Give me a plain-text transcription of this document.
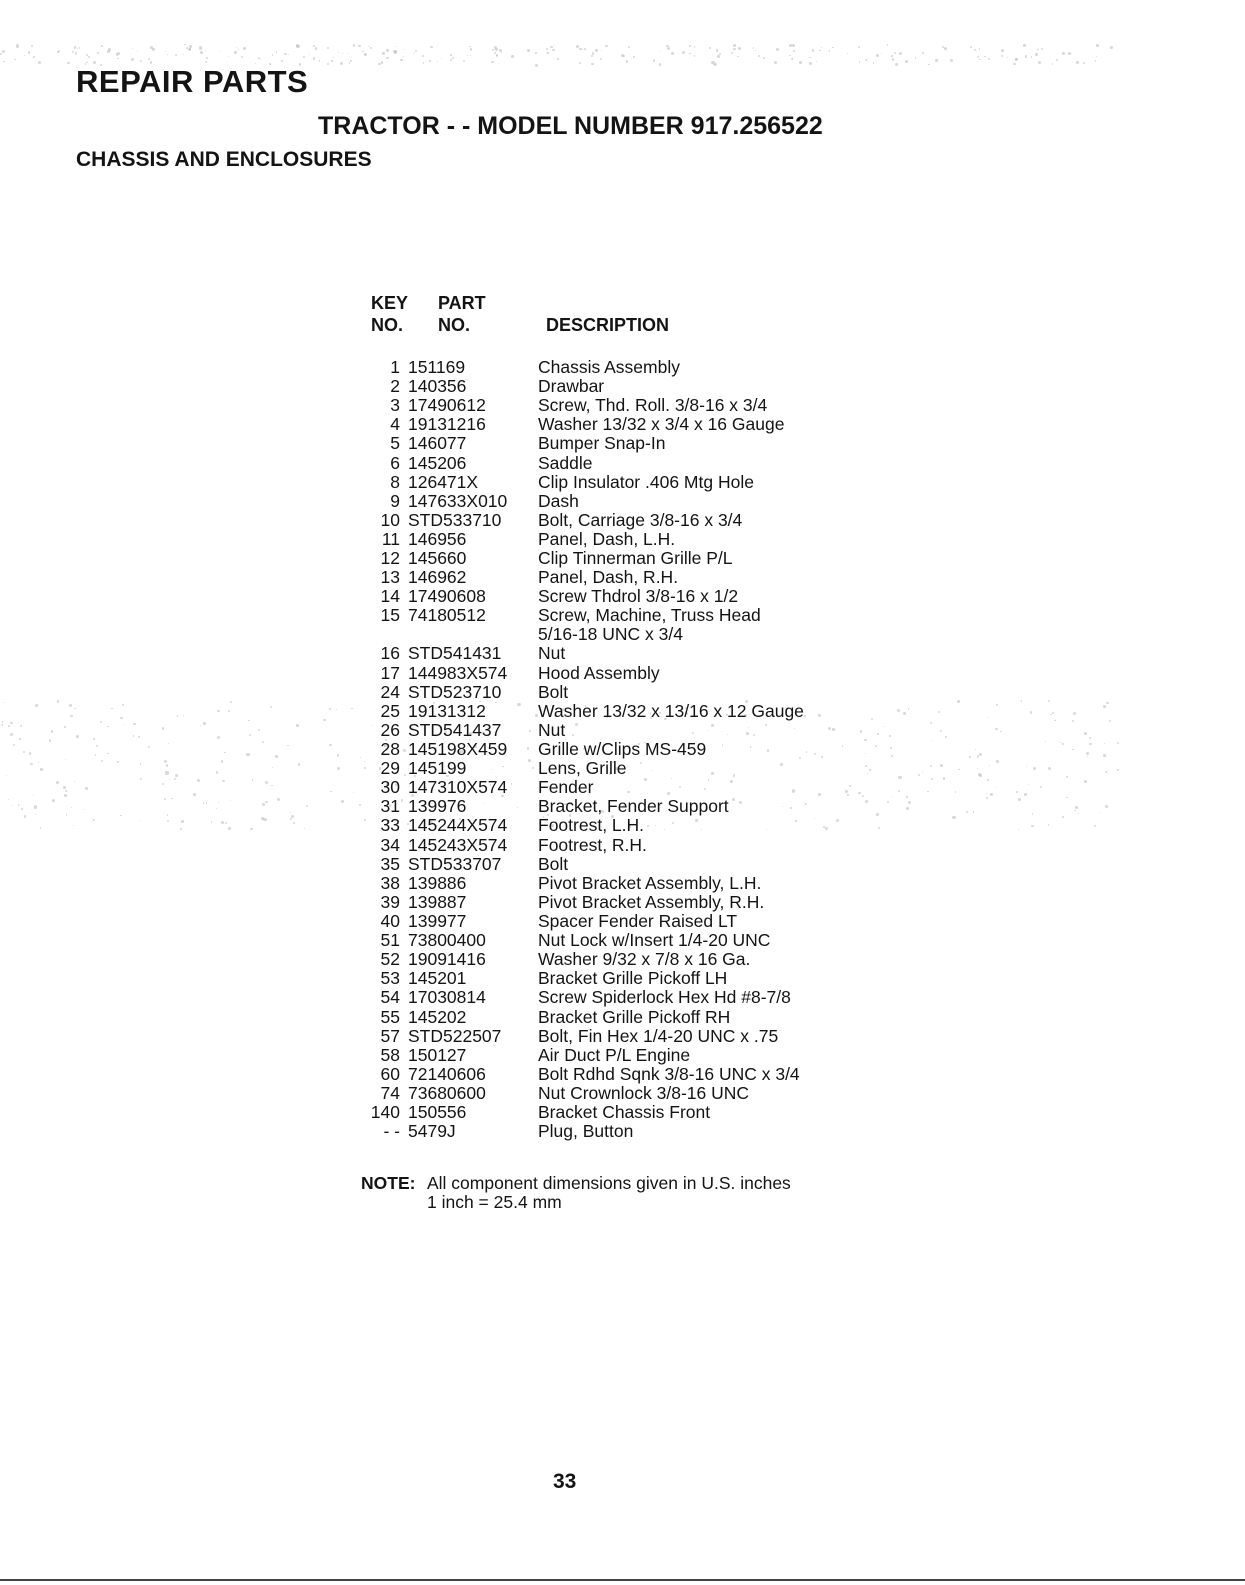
REPAIR PARTS
TRACTOR - - MODEL NUMBER 917.256522
CHASSIS AND ENCLOSURES
KEY
NO.
PART
NO.	DESCRIPTION
1	151169	Chassis Assembly

2	140356	Drawbar

3	17490612	Screw, Thd. Roll. 3/8-16 x 3/4

4	19131216	Washer 13/32 x 3/4 x 16 Gauge

5	146077	Bumper Snap-In

6	145206	Saddle

8	126471X	Clip Insulator .406 Mtg Hole

9	147633X010	Dash

10	STD533710	Bolt, Carriage 3/8-16 x 3/4

11	146956	Panel, Dash, L.H.

12	145660	Clip Tinnerman Grille P/L

13	146962	Panel, Dash, R.H.

14	17490608	Screw Thdrol 3/8-16 x 1/2

15	74180512	Screw, Machine, Truss Head
5/16-18 UNC x 3/4

16	STD541431	Nut

17	144983X574	Hood Assembly

24	STD523710	Bolt

25	19131312	Washer 13/32 x 13/16 x 12 Gauge

26	STD541437	Nut

28	145198X459	Grille w/Clips MS-459

29	145199	Lens, Grille

30	147310X574	Fender

31	139976	Bracket, Fender Support

33	145244X574	Footrest, L.H.

34	145243X574	Footrest, R.H.

35	STD533707	Bolt

38	139886	Pivot Bracket Assembly, L.H.

39	139887	Pivot Bracket Assembly, R.H.

40	139977	Spacer Fender Raised LT

51	73800400	Nut Lock w/Insert 1/4-20 UNC

52	19091416	Washer 9/32 x 7/8 x 16 Ga.

53	145201	Bracket Grille Pickoff LH

54	17030814	Screw Spiderlock Hex Hd #8-7/8

55	145202	Bracket Grille Pickoff RH

57	STD522507	Bolt, Fin Hex 1/4-20 UNC x .75

58	150127	Air Duct P/L Engine

60	72140606	Bolt Rdhd Sqnk 3/8-16 UNC x 3/4

74	73680600	Nut Crownlock 3/8-16 UNC

140	150556	Bracket Chassis Front

- -	5479J	Plug, Button
NOTE: All component dimensions given in U.S. inches
1 inch = 25.4 mm
33
